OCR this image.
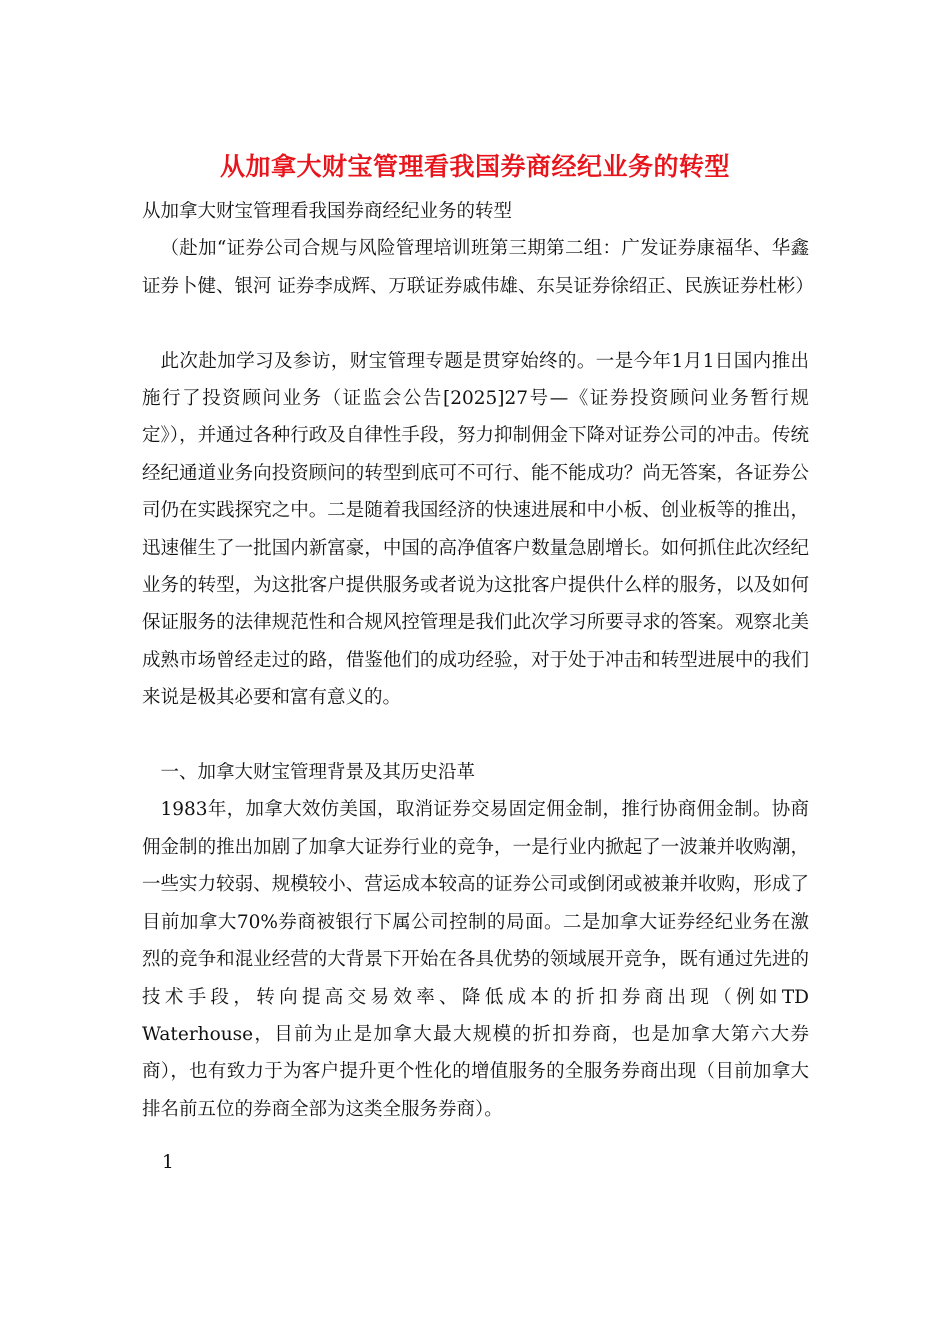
从加拿大财宝管理看我国券商经纪业务的转型

从加拿大财宝管理看我国券商经纪业务的转型

（赴加“证券公司合规与风险管理培训班第三期第二组：广发证券康福华、华鑫证券卜健、银河 证券李成辉、万联证券戚伟雄、东吴证券徐绍正、民族证券杜彬）

此次赴加学习及参访，财宝管理专题是贯穿始终的。一是今年1月1日国内推出施行了投资顾问业务（证监会公告[2025]27号—《证券投资顾问业务暂行规定》），并通过各种行政及自律性手段，努力抑制佣金下降对证券公司的冲击。传统经纪通道业务向投资顾问的转型到底可不可行、能不能成功？尚无答案，各证券公司仍在实践探究之中。二是随着我国经济的快速进展和中小板、创业板等的推出，迅速催生了一批国内新富豪，中国的高净值客户数量急剧增长。如何抓住此次经纪业务的转型，为这批客户提供服务或者说为这批客户提供什么样的服务，以及如何保证服务的法律规范性和合规风控管理是我们此次学习所要寻求的答案。观察北美成熟市场曾经走过的路，借鉴他们的成功经验，对于处于冲击和转型进展中的我们来说是极其必要和富有意义的。

一、加拿大财宝管理背景及其历史沿革

1983年，加拿大效仿美国，取消证券交易固定佣金制，推行协商佣金制。协商佣金制的推出加剧了加拿大证券行业的竞争，一是行业内掀起了一波兼并收购潮，一些实力较弱、规模较小、营运成本较高的证券公司或倒闭或被兼并收购，形成了目前加拿大70%券商被银行下属公司控制的局面。二是加拿大证券经纪业务在激烈的竞争和混业经营的大背景下开始在各具优势的领域展开竞争，既有通过先进的技术手段，转向提高交易效率、降低成本的折扣券商出现（例如TD Waterhouse，目前为止是加拿大最大规模的折扣券商，也是加拿大第六大券商），也有致力于为客户提升更个性化的增值服务的全服务券商出现（目前加拿大排名前五位的券商全部为这类全服务券商）。

1
